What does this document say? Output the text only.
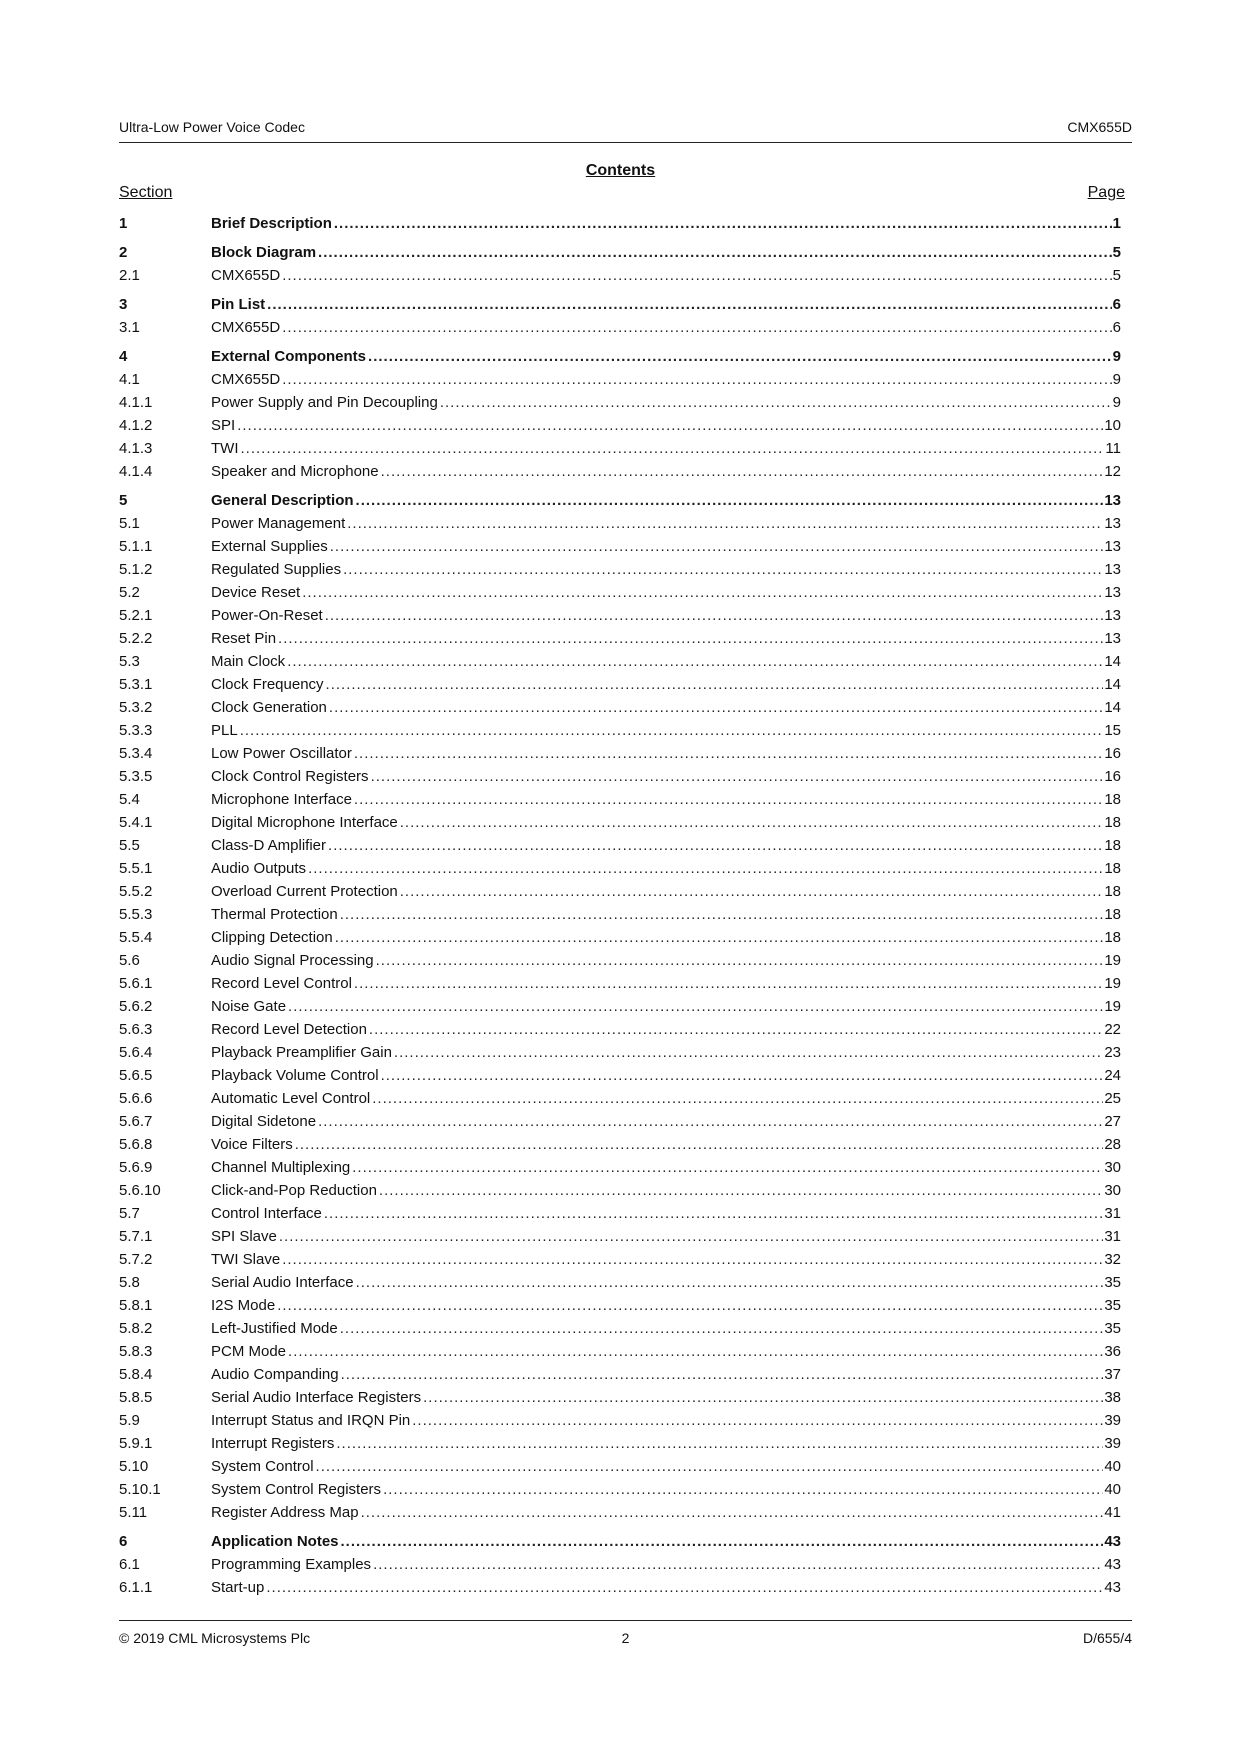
Ultra-Low Power Voice Codec	CMX655D
Contents
Section	Page
1	Brief Description .....	1
2	Block Diagram .....	5
2.1	CMX655D .....	5
3	Pin List .....	6
3.1	CMX655D .....	6
4	External Components .....	9
4.1	CMX655D .....	9
4.1.1	Power Supply and Pin Decoupling .....	9
4.1.2	SPI .....	10
4.1.3	TWI .....	11
4.1.4	Speaker and Microphone .....	12
5	General Description .....	13
5.1	Power Management .....	13
5.1.1	External Supplies .....	13
5.1.2	Regulated Supplies .....	13
5.2	Device Reset .....	13
5.2.1	Power-On-Reset .....	13
5.2.2	Reset Pin .....	13
5.3	Main Clock .....	14
5.3.1	Clock Frequency .....	14
5.3.2	Clock Generation .....	14
5.3.3	PLL .....	15
5.3.4	Low Power Oscillator .....	16
5.3.5	Clock Control Registers .....	16
5.4	Microphone Interface .....	18
5.4.1	Digital Microphone Interface .....	18
5.5	Class-D Amplifier .....	18
5.5.1	Audio Outputs .....	18
5.5.2	Overload Current Protection .....	18
5.5.3	Thermal Protection .....	18
5.5.4	Clipping Detection .....	18
5.6	Audio Signal Processing .....	19
5.6.1	Record Level Control .....	19
5.6.2	Noise Gate .....	19
5.6.3	Record Level Detection .....	22
5.6.4	Playback Preamplifier Gain .....	23
5.6.5	Playback Volume Control .....	24
5.6.6	Automatic Level Control .....	25
5.6.7	Digital Sidetone .....	27
5.6.8	Voice Filters .....	28
5.6.9	Channel Multiplexing .....	30
5.6.10	Click-and-Pop Reduction .....	30
5.7	Control Interface .....	31
5.7.1	SPI Slave .....	31
5.7.2	TWI Slave .....	32
5.8	Serial Audio Interface .....	35
5.8.1	I2S Mode .....	35
5.8.2	Left-Justified Mode .....	35
5.8.3	PCM Mode .....	36
5.8.4	Audio Companding .....	37
5.8.5	Serial Audio Interface Registers .....	38
5.9	Interrupt Status and IRQN Pin .....	39
5.9.1	Interrupt Registers .....	39
5.10	System Control .....	40
5.10.1	System Control Registers .....	40
5.11	Register Address Map .....	41
6	Application Notes .....	43
6.1	Programming Examples .....	43
6.1.1	Start-up .....	43
© 2019 CML Microsystems Plc	2	D/655/4
